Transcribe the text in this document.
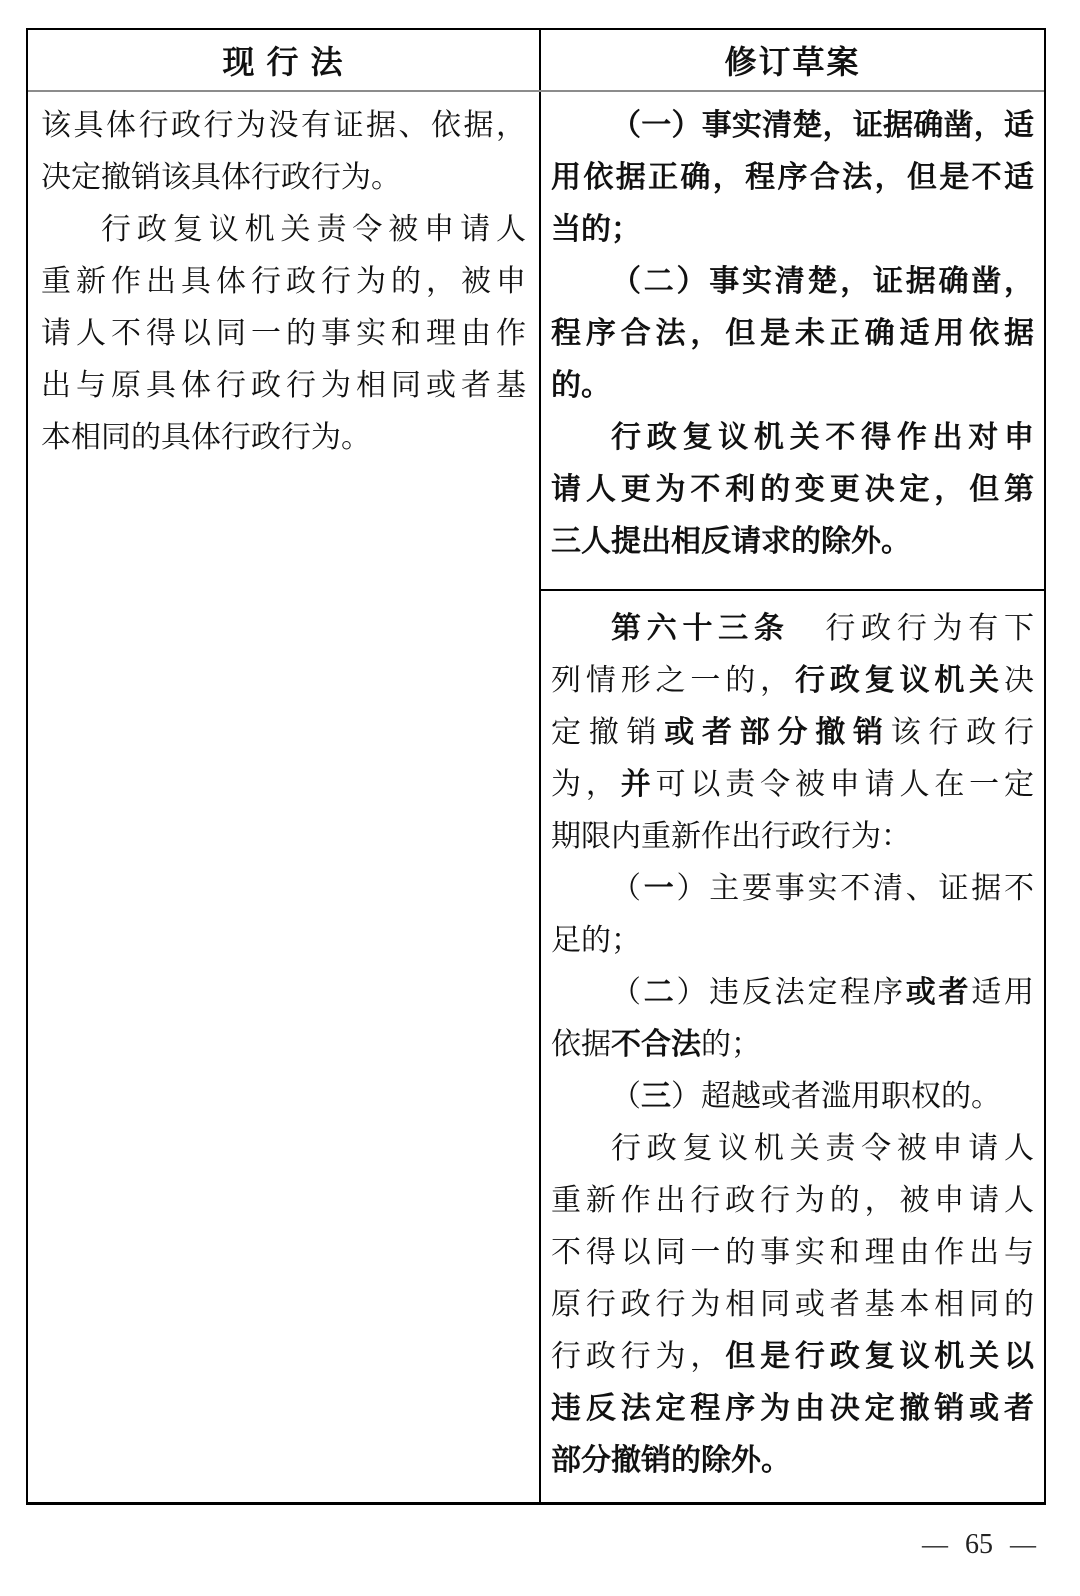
现 行 法	修订草案
该具体行政行为没有证据、依据，
决定撤销该具体行政行为。
行政复议机关责令被申请人
重新作出具体行政行为的，被申
请人不得以同一的事实和理由作
出与原具体行政行为相同或者基
本相同的具体行政行为。
（一）事实清楚，证据确凿，适
用依据正确，程序合法，但是不适
当的；
（二）事实清楚，证据确凿，
程序合法，但是未正确适用依据
的。
行政复议机关不得作出对申
请人更为不利的变更决定，但第
三人提出相反请求的除外。
第六十三条　行政行为有下
列情形之一的，行政复议机关决
定撤销或者部分撤销该行政行
为，并可以责令被申请人在一定
期限内重新作出行政行为：
（一）主要事实不清、证据不
足的；
（二）违反法定程序或者适用
依据不合法的；
（三）超越或者滥用职权的。
行政复议机关责令被申请人
重新作出行政行为的，被申请人
不得以同一的事实和理由作出与
原行政行为相同或者基本相同的
行政行为，但是行政复议机关以
违反法定程序为由决定撤销或者
部分撤销的除外。
— 65 —
